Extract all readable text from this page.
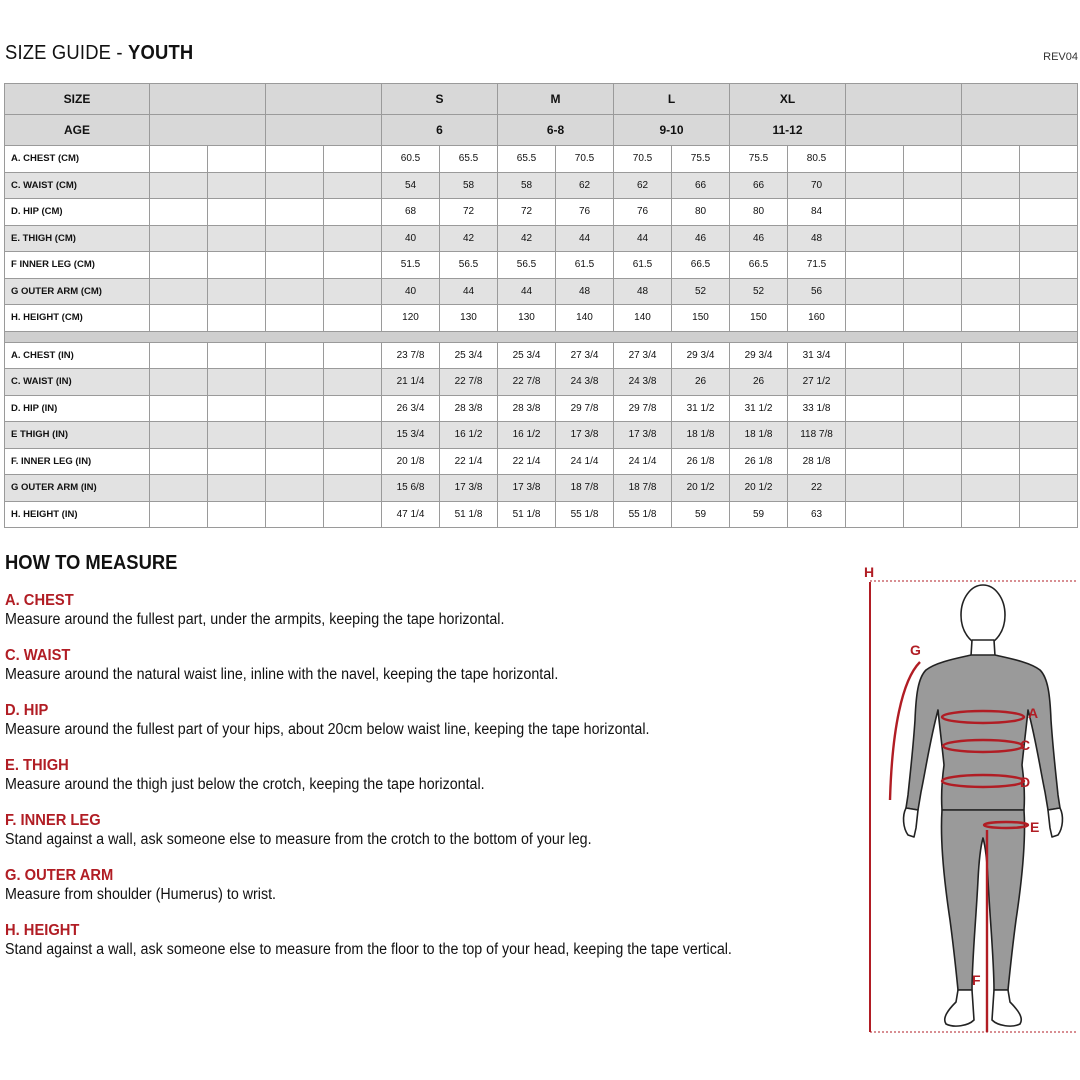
SIZE GUIDE - YOUTH	REV04
SIZE					S		M		L		XL					
AGE					6		6-8		9-10		11-12					
A. CHEST (CM)					60.5	65.5	65.5	70.5	70.5	75.5	75.5	80.5				
C. WAIST (CM)					54	58	58	62	62	66	66	70				
D. HIP (CM)					68	72	72	76	76	80	80	84				
E. THIGH (CM)					40	42	42	44	44	46	46	48				
F INNER LEG (CM)					51.5	56.5	56.5	61.5	61.5	66.5	66.5	71.5				
G OUTER ARM (CM)					40	44	44	48	48	52	52	56				
H. HEIGHT (CM)					120	130	130	140	140	150	150	160				

A. CHEST (IN)					23 7/8	25 3/4	25 3/4	27 3/4	27 3/4	29 3/4	29 3/4	31 3/4				
C. WAIST (IN)					21 1/4	22 7/8	22 7/8	24 3/8	24 3/8	26	26	27 1/2				
D. HIP (IN)					26 3/4	28 3/8	28 3/8	29 7/8	29 7/8	31 1/2	31 1/2	33 1/8				
E THIGH (IN)					15 3/4	16 1/2	16 1/2	17 3/8	17 3/8	18 1/8	18 1/8	118 7/8				
F. INNER LEG (IN)					20 1/8	22 1/4	22 1/4	24 1/4	24 1/4	26 1/8	26 1/8	28 1/8				
G OUTER ARM (IN)					15 6/8	17 3/8	17 3/8	18 7/8	18 7/8	20 1/2	20 1/2	22				
H. HEIGHT (IN)					47 1/4	51 1/8	51 1/8	55 1/8	55 1/8	59	59	63				
HOW TO MEASURE
A. CHEST
Measure around the fullest part, under the armpits, keeping the tape horizontal.
C. WAIST
Measure around the natural waist line, inline with the navel, keeping the tape horizontal.
D. HIP
Measure around the fullest part of your hips, about 20cm below waist line, keeping the tape horizontal.
E. THIGH
Measure around the thigh just below the crotch, keeping the tape horizontal.
F. INNER LEG
Stand against a wall, ask someone else to measure from the crotch to the bottom of your leg.
G. OUTER ARM
Measure from shoulder (Humerus) to wrist.
H. HEIGHT
Stand against a wall, ask someone else to measure from the floor to the top of your head, keeping the tape vertical.
H
G
A
C
D
E
F
